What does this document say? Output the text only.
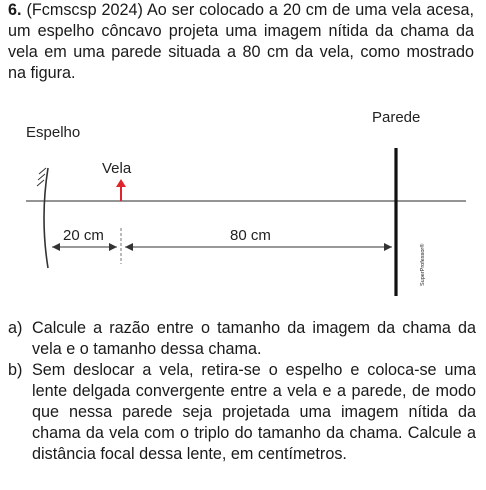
6. (Fcmscsp 2024) Ao ser colocado a 20 cm de uma vela acesa, um espelho côncavo projeta uma imagem nítida da chama da vela em uma parede situada a 80 cm da vela, como mostrado na figura.
Espelho
Parede
Vela
20 cm	80 cm
SuperProfessor®
a) Calcule a razão entre o tamanho da imagem da chama da vela e o tamanho dessa chama.
b) Sem deslocar a vela, retira-se o espelho e coloca-se uma lente delgada convergente entre a vela e a parede, de modo que nessa parede seja projetada uma imagem nítida da chama da vela com o triplo do tamanho da chama. Calcule a distância focal dessa lente, em centímetros.
